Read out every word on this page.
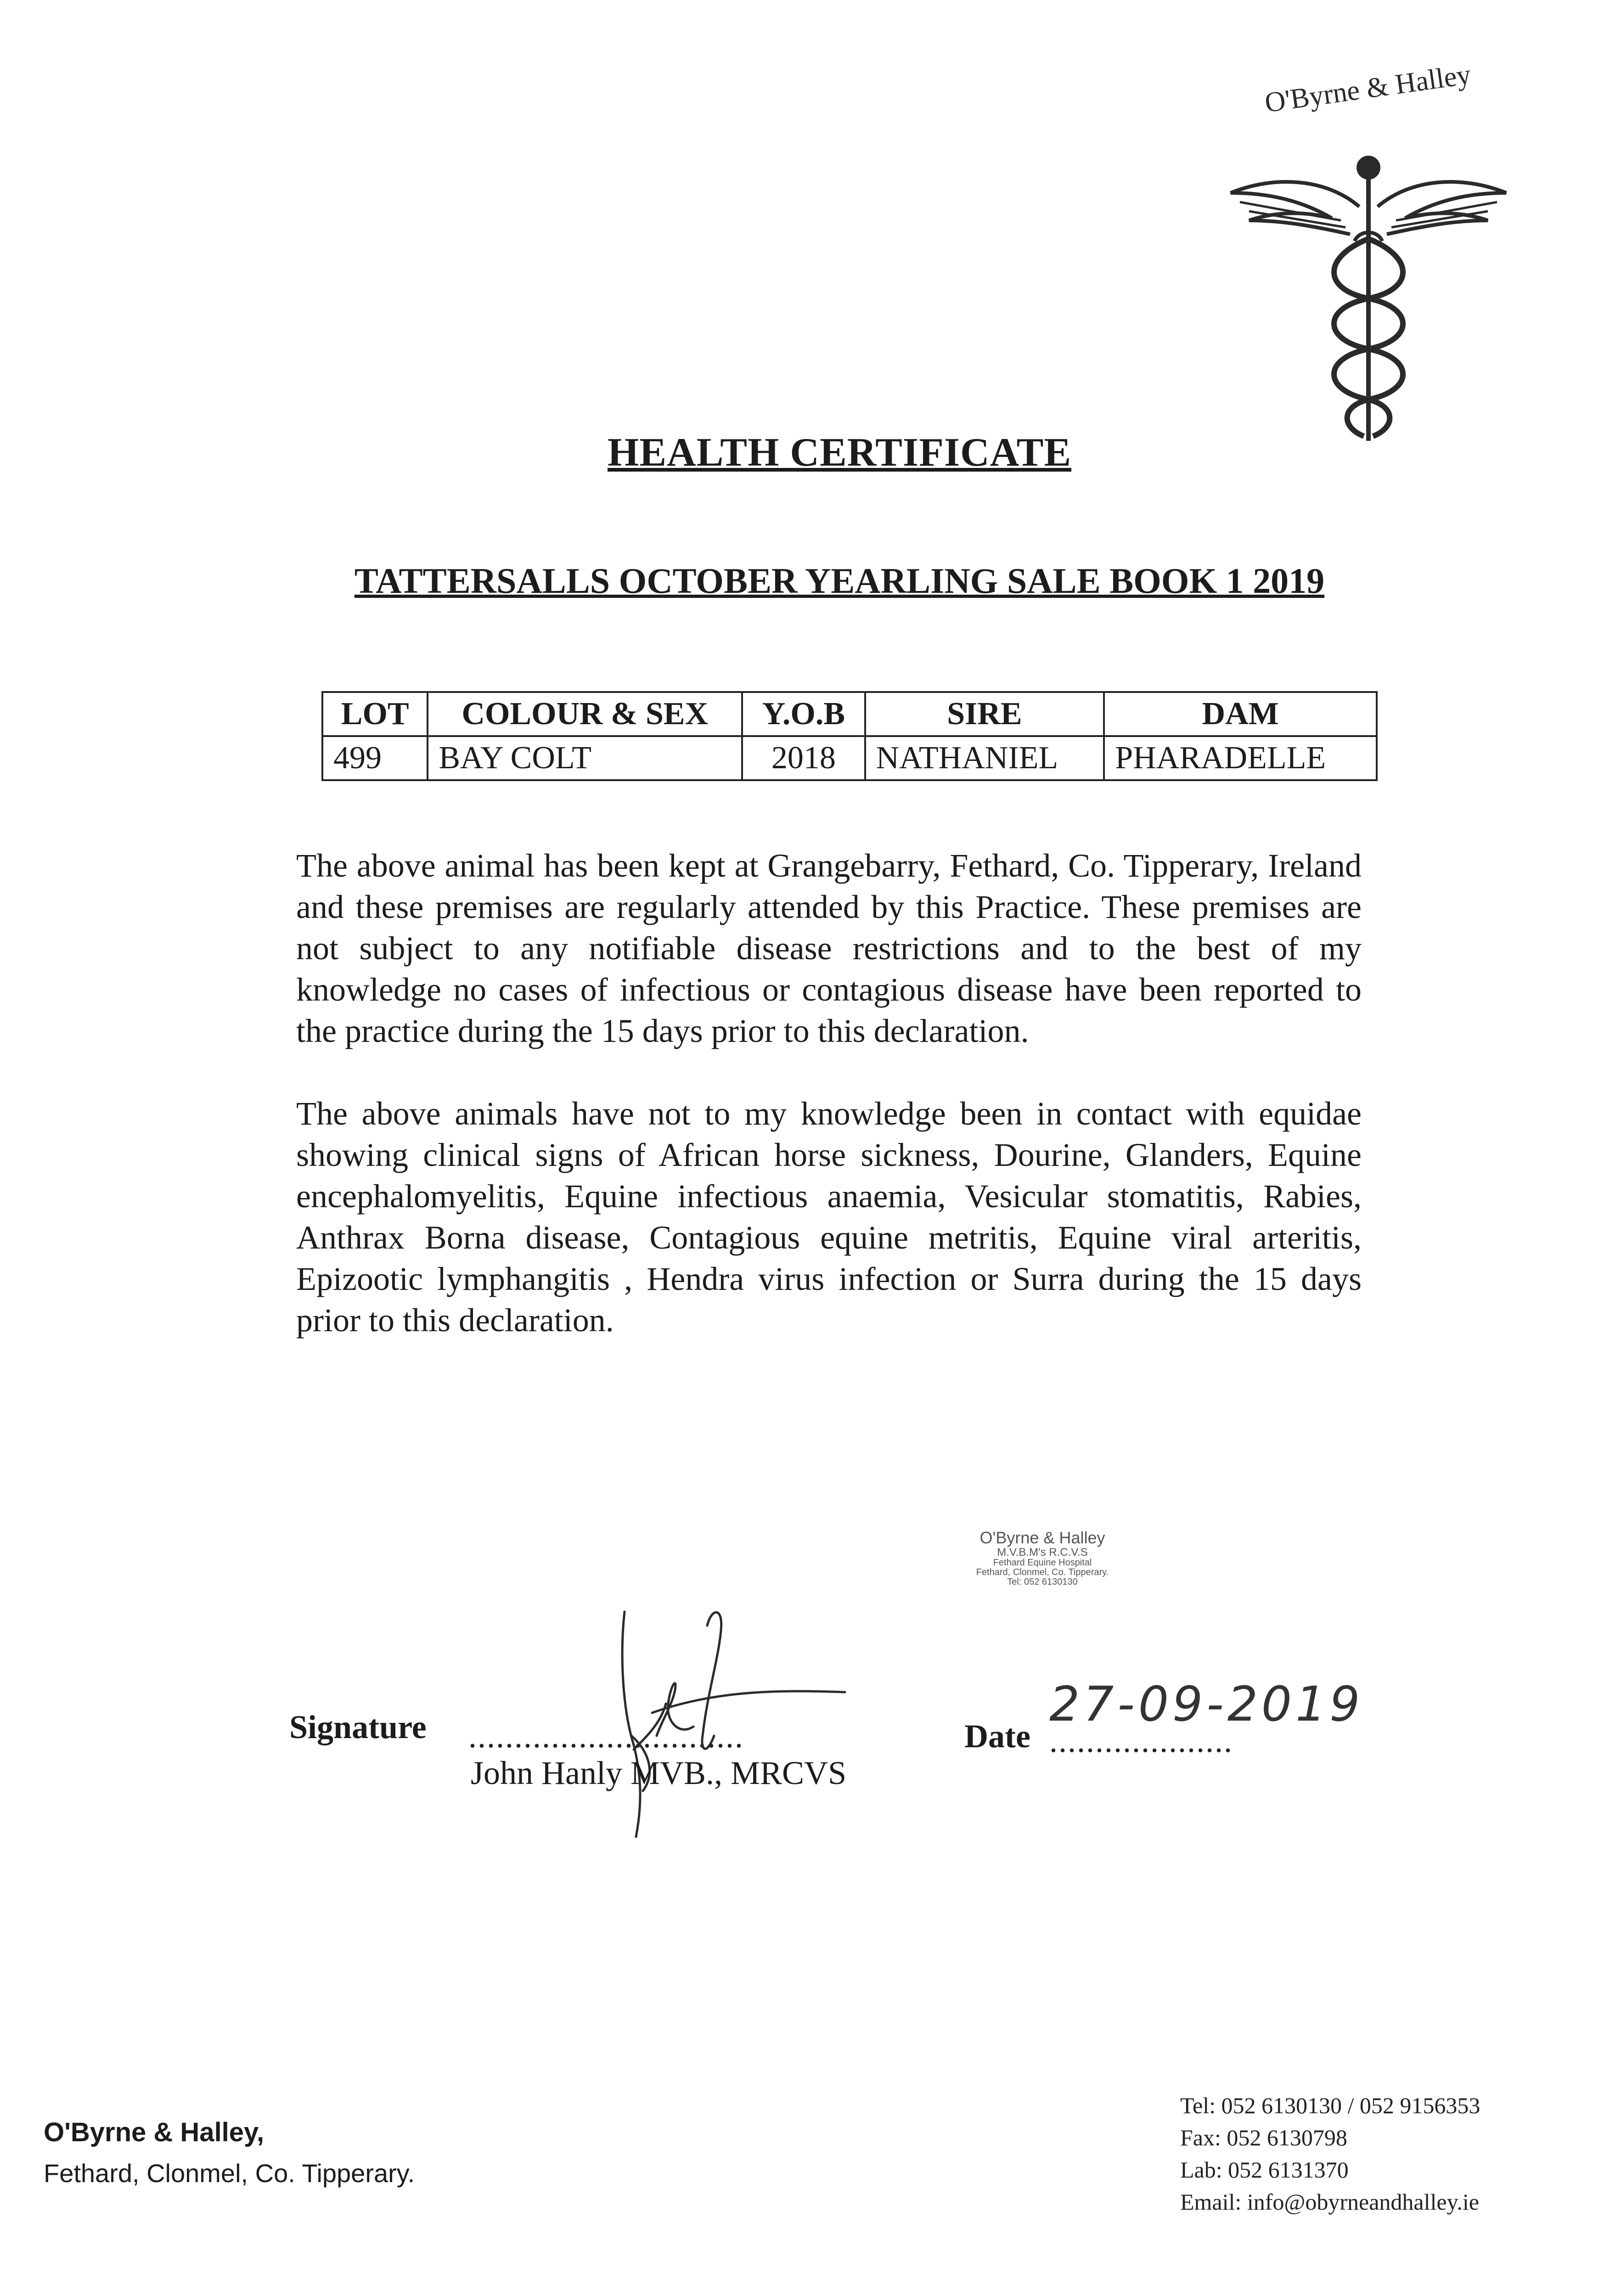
O'Byrne & Halley
HEALTH CERTIFICATE
TATTERSALLS OCTOBER YEARLING SALE BOOK 1 2019
LOT	COLOUR & SEX	Y.O.B	SIRE	DAM
499	BAY COLT	2018	NATHANIEL	PHARADELLE
The above animal has been kept at Grangebarry, Fethard, Co. Tipperary, Ireland and these premises are regularly attended by this Practice. These premises are not subject to any notifiable disease restrictions and to the best of my knowledge no cases of infectious or contagious disease have been reported to the practice during the 15 days prior to this declaration.
The above animals have not to my knowledge been in contact with equidae showing clinical signs of African horse sickness, Dourine, Glanders, Equine encephalomyelitis, Equine infectious anaemia, Vesicular stomatitis, Rabies, Anthrax Borna disease, Contagious equine metritis, Equine viral arteritis, Epizootic lymphangitis , Hendra virus infection or Surra during the 15 days prior to this declaration.
O'Byrne & Halley
M.V.B.M's R.C.V.S
Fethard Equine Hospital
Fethard, Clonmel, Co. Tipperary.
Tel: 052 6130130
Signature ..............................
John Hanly MVB., MRCVS
Date ....................
27-09-2019
O'Byrne & Halley,
Fethard, Clonmel, Co. Tipperary.
Tel: 052 6130130 / 052 9156353
Fax: 052 6130798
Lab: 052 6131370
Email: info@obyrneandhalley.ie
